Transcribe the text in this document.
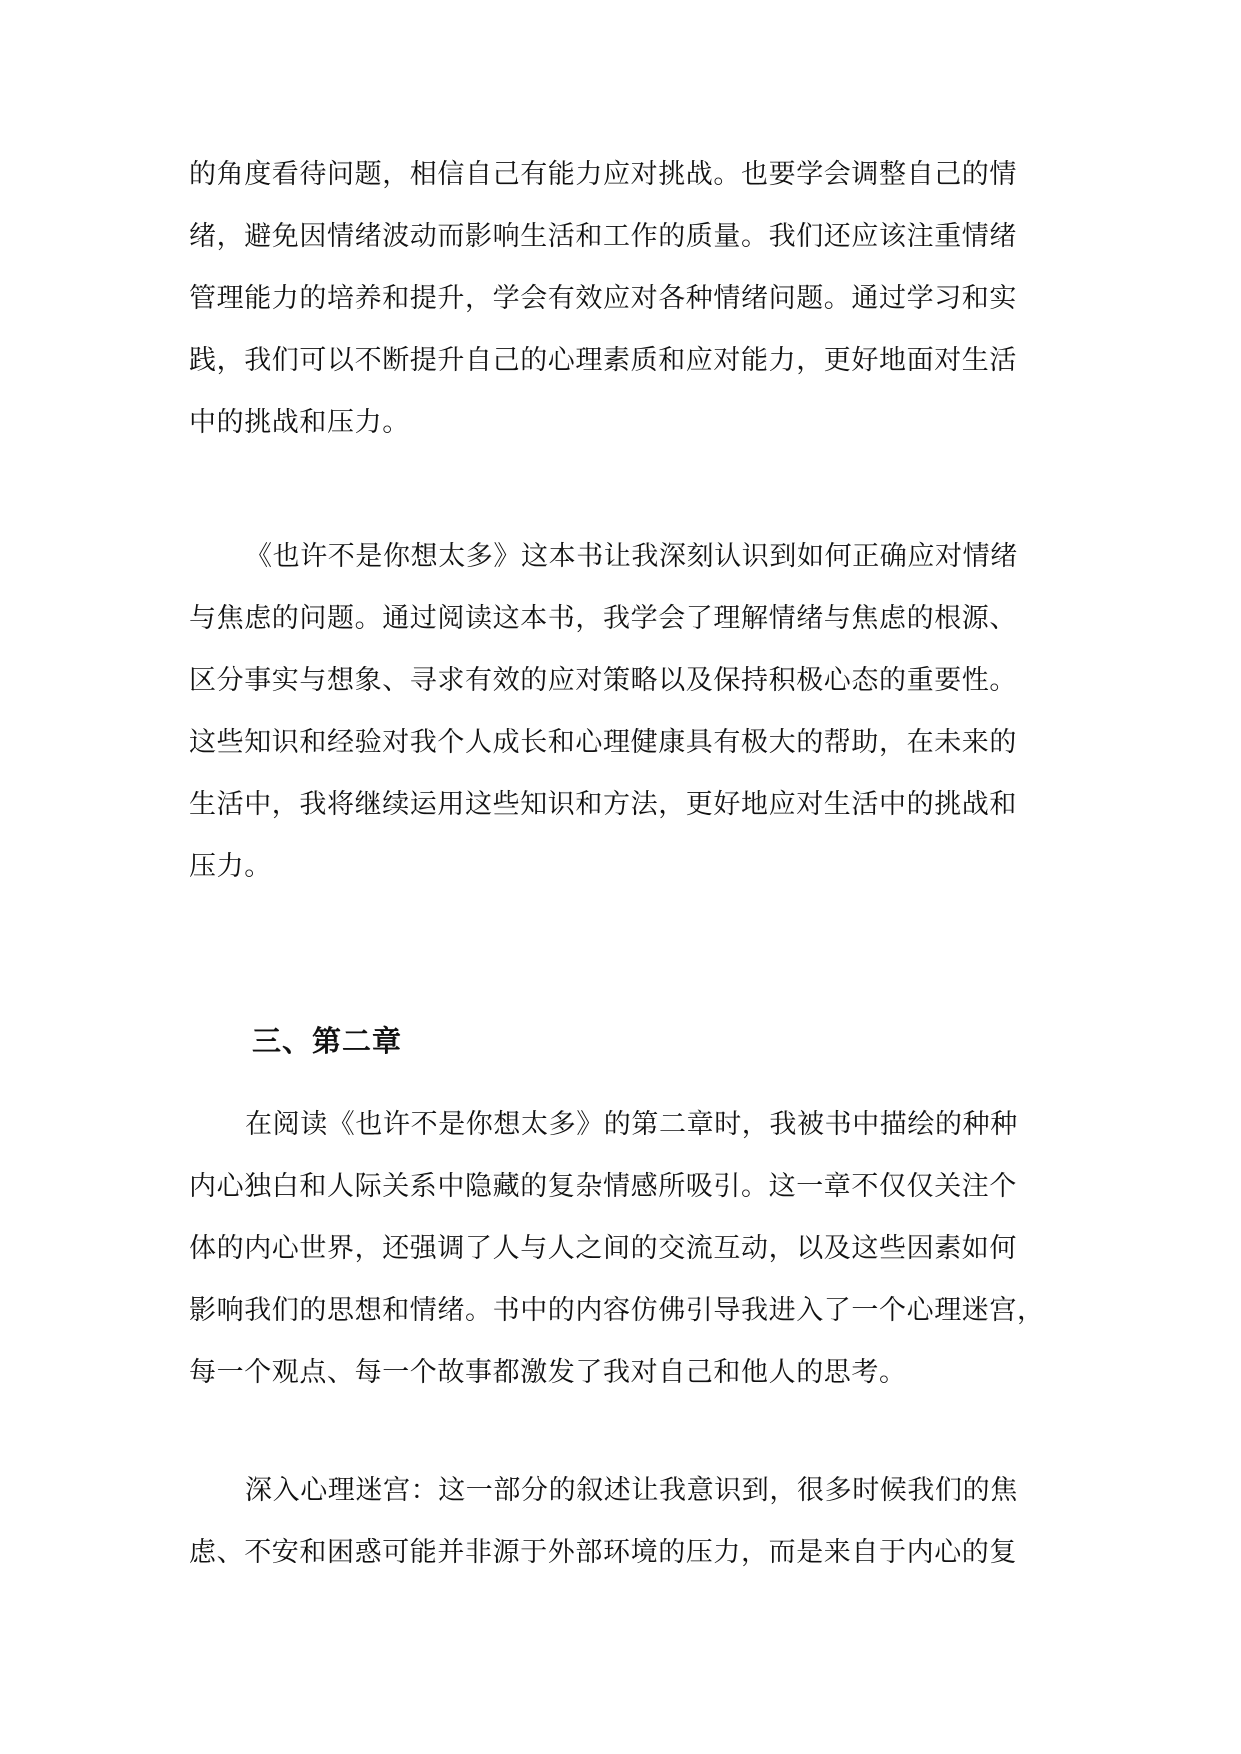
的角度看待问题，相信自己有能力应对挑战。也要学会调整自己的情
绪，避免因情绪波动而影响生活和工作的质量。我们还应该注重情绪
管理能力的培养和提升，学会有效应对各种情绪问题。通过学习和实
践，我们可以不断提升自己的心理素质和应对能力，更好地面对生活
中的挑战和压力。
《也许不是你想太多》这本书让我深刻认识到如何正确应对情绪
与焦虑的问题。通过阅读这本书，我学会了理解情绪与焦虑的根源、
区分事实与想象、寻求有效的应对策略以及保持积极心态的重要性。
这些知识和经验对我个人成长和心理健康具有极大的帮助，在未来的
生活中，我将继续运用这些知识和方法，更好地应对生活中的挑战和
压力。
三、第二章
在阅读《也许不是你想太多》的第二章时，我被书中描绘的种种
内心独白和人际关系中隐藏的复杂情感所吸引。这一章不仅仅关注个
体的内心世界，还强调了人与人之间的交流互动，以及这些因素如何
影响我们的思想和情绪。书中的内容仿佛引导我进入了一个心理迷宫，
每一个观点、每一个故事都激发了我对自己和他人的思考。
深入心理迷宫：这一部分的叙述让我意识到，很多时候我们的焦
虑、不安和困惑可能并非源于外部环境的压力，而是来自于内心的复
